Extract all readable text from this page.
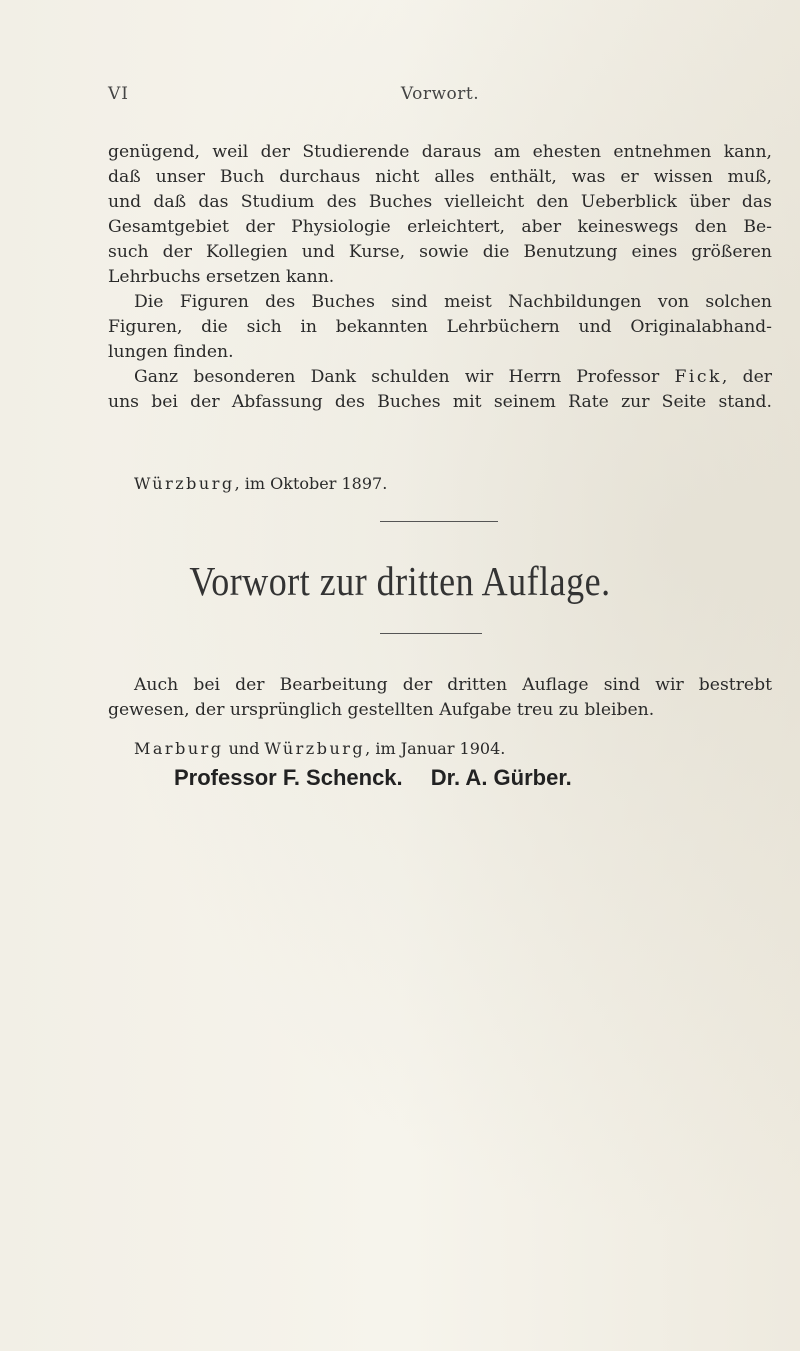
VI	Vorwort.
genügend, weil der Studierende daraus am ehesten entnehmen kann,
daß unser Buch durchaus nicht alles enthält, was er wissen muß,
und daß das Studium des Buches vielleicht den Ueberblick über das
Gesamtgebiet der Physiologie erleichtert, aber keineswegs den Be-
such der Kollegien und Kurse, sowie die Benutzung eines größeren
Lehrbuchs ersetzen kann.
Die Figuren des Buches sind meist Nachbildungen von solchen
Figuren, die sich in bekannten Lehrbüchern und Originalabhand-
lungen finden.
Ganz besonderen Dank schulden wir Herrn Professor Fick, der
uns bei der Abfassung des Buches mit seinem Rate zur Seite stand.
Würzburg, im Oktober 1897.
Vorwort zur dritten Auflage.
Auch bei der Bearbeitung der dritten Auflage sind wir bestrebt
gewesen, der ursprünglich gestellten Aufgabe treu zu bleiben.
Marburg und Würzburg, im Januar 1904.
Professor F. Schenck. Dr. A. Gürber.
